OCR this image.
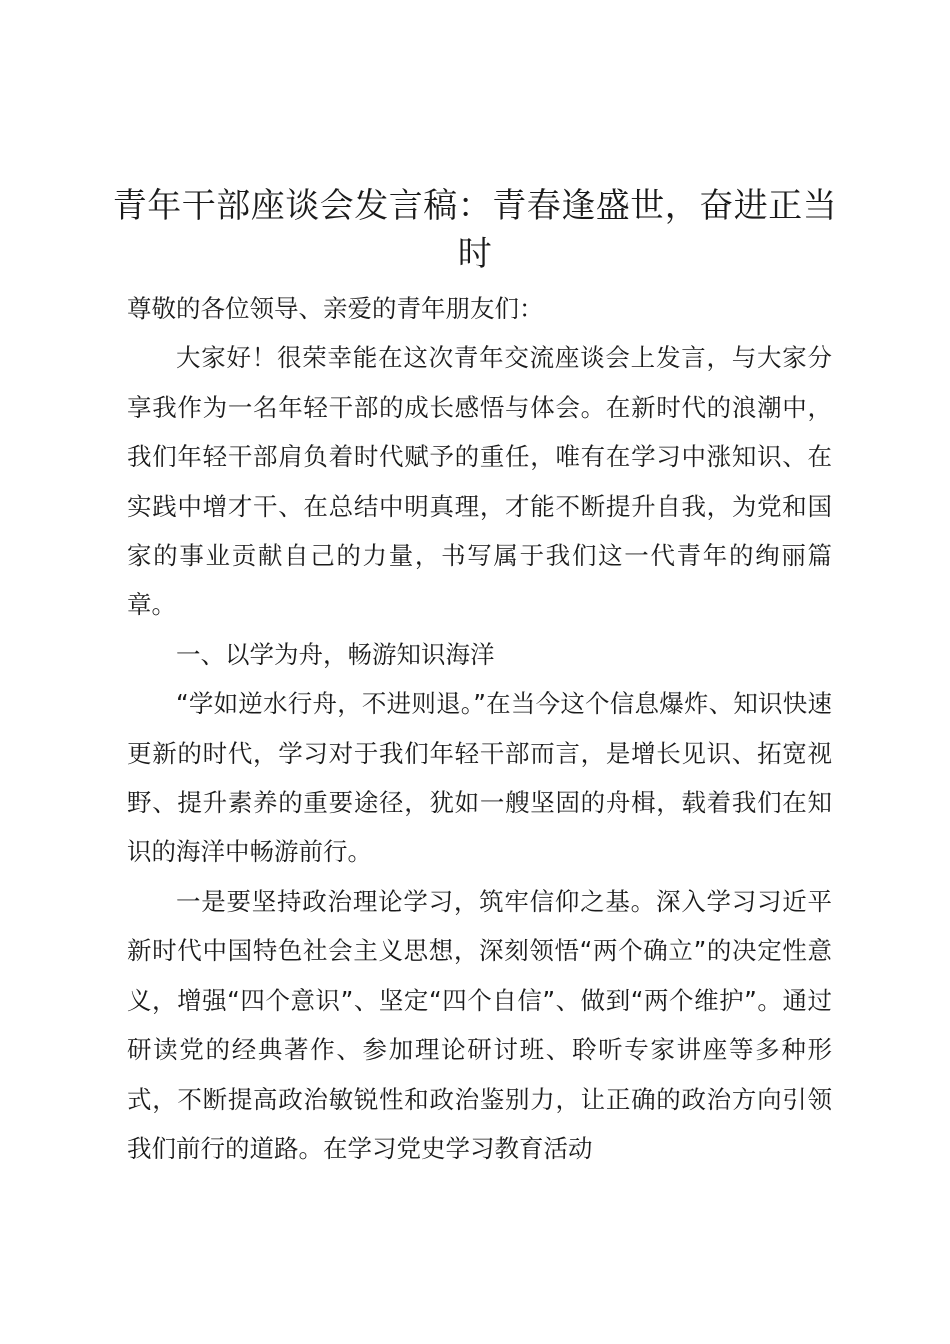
青年干部座谈会发言稿：青春逢盛世，奋进正当时

尊敬的各位领导、亲爱的青年朋友们：

大家好！很荣幸能在这次青年交流座谈会上发言，与大家分享我作为一名年轻干部的成长感悟与体会。在新时代的浪潮中，我们年轻干部肩负着时代赋予的重任，唯有在学习中涨知识、在实践中增才干、在总结中明真理，才能不断提升自我，为党和国家的事业贡献自己的力量，书写属于我们这一代青年的绚丽篇章。

一、以学为舟，畅游知识海洋

“学如逆水行舟，不进则退。”在当今这个信息爆炸、知识快速更新的时代，学习对于我们年轻干部而言，是增长见识、拓宽视野、提升素养的重要途径，犹如一艘坚固的舟楫，载着我们在知识的海洋中畅游前行。

一是要坚持政治理论学习，筑牢信仰之基。深入学习习近平新时代中国特色社会主义思想，深刻领悟“两个确立”的决定性意义，增强“四个意识”、坚定“四个自信”、做到“两个维护”。通过研读党的经典著作、参加理论研讨班、聆听专家讲座等多种形式，不断提高政治敏锐性和政治鉴别力，让正确的政治方向引领我们前行的道路。在学习党史学习教育活动
